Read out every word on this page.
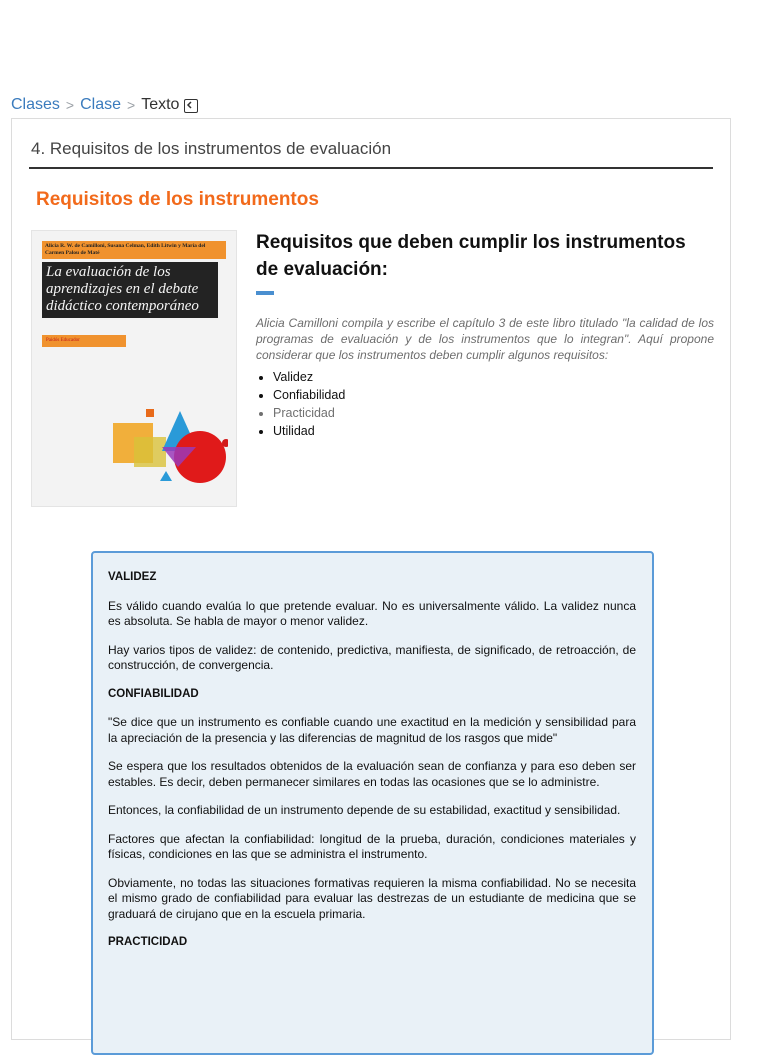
Clases > Clase > Texto
4. Requisitos de los instrumentos de evaluación
Requisitos de los instrumentos
Alicia R. W. de Camilloni, Susana Celman, Edith Litwin y María del Carmen Palou de Maté
La evaluación de los aprendizajes en el debate didáctico contemporáneo
Paidós Educador
Requisitos que deben cumplir los instrumentos de evaluación:
Alicia Camilloni compila y escribe el capítulo 3 de este libro titulado "la calidad de los programas de evaluación y de los instrumentos que lo integran". Aquí propone considerar que los instrumentos deben cumplir algunos requisitos:
• Validez
• Confiabilidad
• Practicidad
• Utilidad

VALIDEZ

Es válido cuando evalúa lo que pretende evaluar. No es universalmente válido. La validez nunca es absoluta. Se habla de mayor o menor validez.

Hay varios tipos de validez: de contenido, predictiva, manifiesta, de significado, de retroacción, de construcción, de convergencia.

CONFIABILIDAD

"Se dice que un instrumento es confiable cuando une exactitud en la medición y sensibilidad para la apreciación de la presencia y las diferencias de magnitud de los rasgos que mide"

Se espera que los resultados obtenidos de la evaluación sean de confianza y para eso deben ser estables. Es decir, deben permanecer similares en todas las ocasiones que se lo administre.

Entonces, la confiabilidad de un instrumento depende de su estabilidad, exactitud y sensibilidad.

Factores que afectan la confiabilidad: longitud de la prueba, duración, condiciones materiales y físicas, condiciones en las que se administra el instrumento.

Obviamente, no todas las situaciones formativas requieren la misma confiabilidad. No se necesita el mismo grado de confiabilidad para evaluar las destrezas de un estudiante de medicina que se graduará de cirujano que en la escuela primaria.

PRACTICIDAD
